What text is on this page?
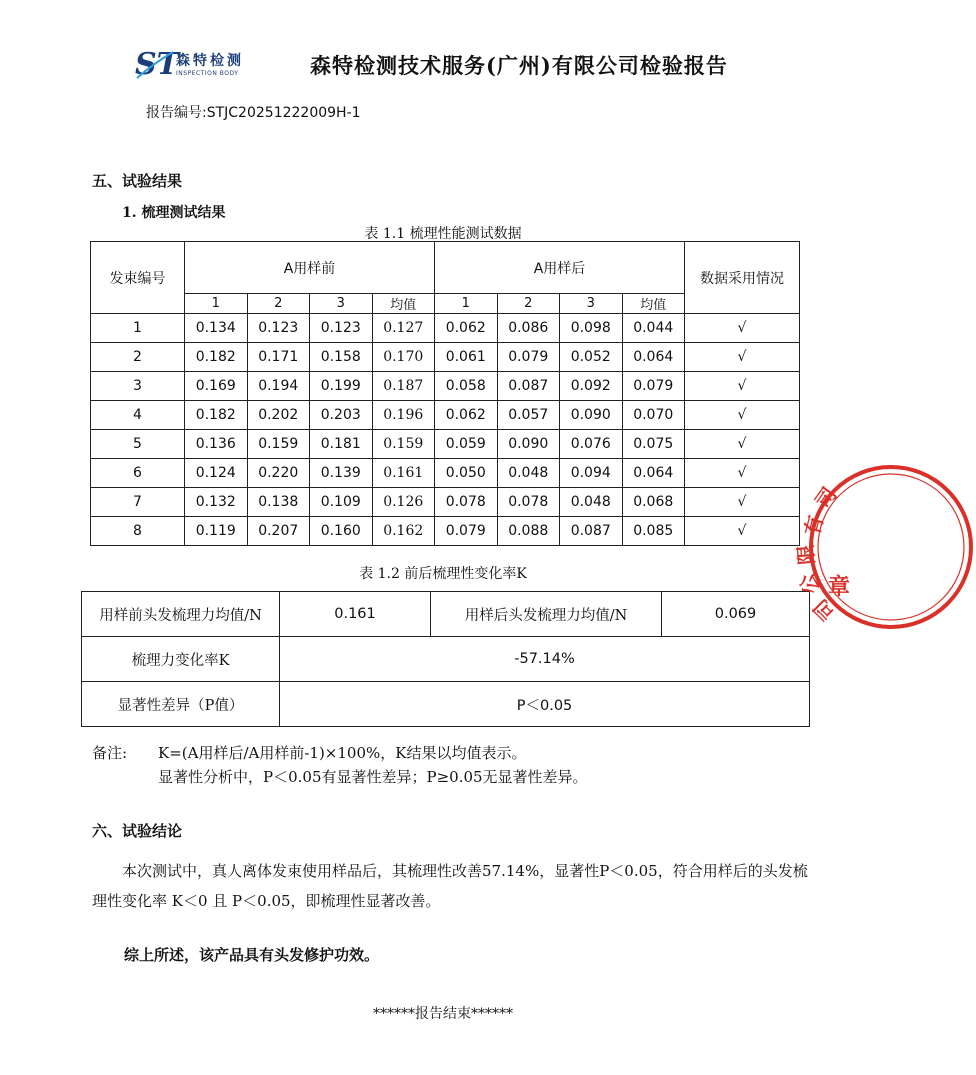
ST
森特检测
INSPECTION BODY	森特检测技术服务(广州)有限公司检验报告
报告编号:STJC20251222009H-1
五、试验结果
1. 梳理测试结果
表 1.1 梳理性能测试数据
发束编号	A用样前				A用样后				数据采用情况
	1	2	3	均值	1	2	3	均值	
1	0.134	0.123	0.123	0.127	0.062	0.086	0.098	0.044	√
2	0.182	0.171	0.158	0.170	0.061	0.079	0.052	0.064	√
3	0.169	0.194	0.199	0.187	0.058	0.087	0.092	0.079	√
4	0.182	0.202	0.203	0.196	0.062	0.057	0.090	0.070	√
5	0.136	0.159	0.181	0.159	0.059	0.090	0.076	0.075	√
6	0.124	0.220	0.139	0.161	0.050	0.048	0.094	0.064	√
7	0.132	0.138	0.109	0.126	0.078	0.078	0.048	0.068	√
8	0.119	0.207	0.160	0.162	0.079	0.088	0.087	0.085	√
表 1.2 前后梳理性变化率K
用样前头发梳理力均值/N	0.161	用样后头发梳理力均值/N	0.069
梳理力变化率K	-57.14%		
显著性差异（P值）	P＜0.05		
备注: K=(A用样后/A用样前-1)×100%，K结果以均值表示。
显著性分析中，P＜0.05有显著性差异；P≥0.05无显著性差异。
六、试验结论
本次测试中，真人离体发束使用样品后，其梳理性改善57.14%，显著性P＜0.05，符合用样后的头发梳理性变化率 K＜0 且 P＜0.05，即梳理性显著改善。
综上所述，该产品具有头发修护功效。
******报告结束******
司
有
限
公
司
章
